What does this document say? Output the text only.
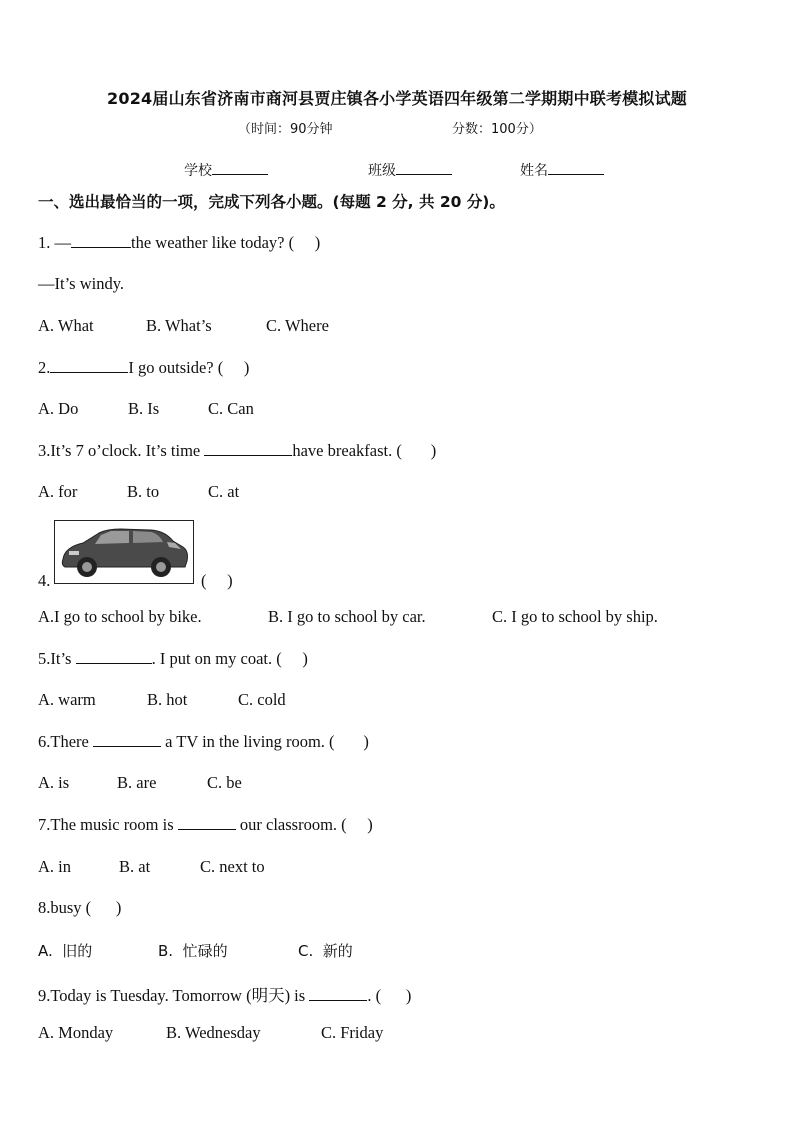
2024届山东省济南市商河县贾庄镇各小学英语四年级第二学期期中联考模拟试题
（时间：90分钟	分数：100分）
学校	班级	姓名
一、选出最恰当的一项，完成下列各小题。(每题 2 分, 共 20 分)。
1. —	the weather like today? (     )
—It’s windy.
A. What	B. What’s	C. Where
2.	I go outside? (     )
A. Do	B. Is	C. Can
3.It’s 7 o’clock. It’s time	have breakfast. (       )
A. for	B. to	C. at
4.	(     )
A.I go to school by bike.	B. I go to school by car.	C. I go to school by ship.
5.It’s	. I put on my coat. (     )
A. warm	B. hot	C. cold
6.There	a TV in the living room. (       )
A. is	B. are	C. be
7.The music room is	our classroom. (     )
A. in	B. at	C. next to
8.busy (      )
A.  旧的	B.  忙碌的	C.  新的
9.Today is Tuesday. Tomorrow (明天) is	. (      )
A. Monday	B. Wednesday	C. Friday
